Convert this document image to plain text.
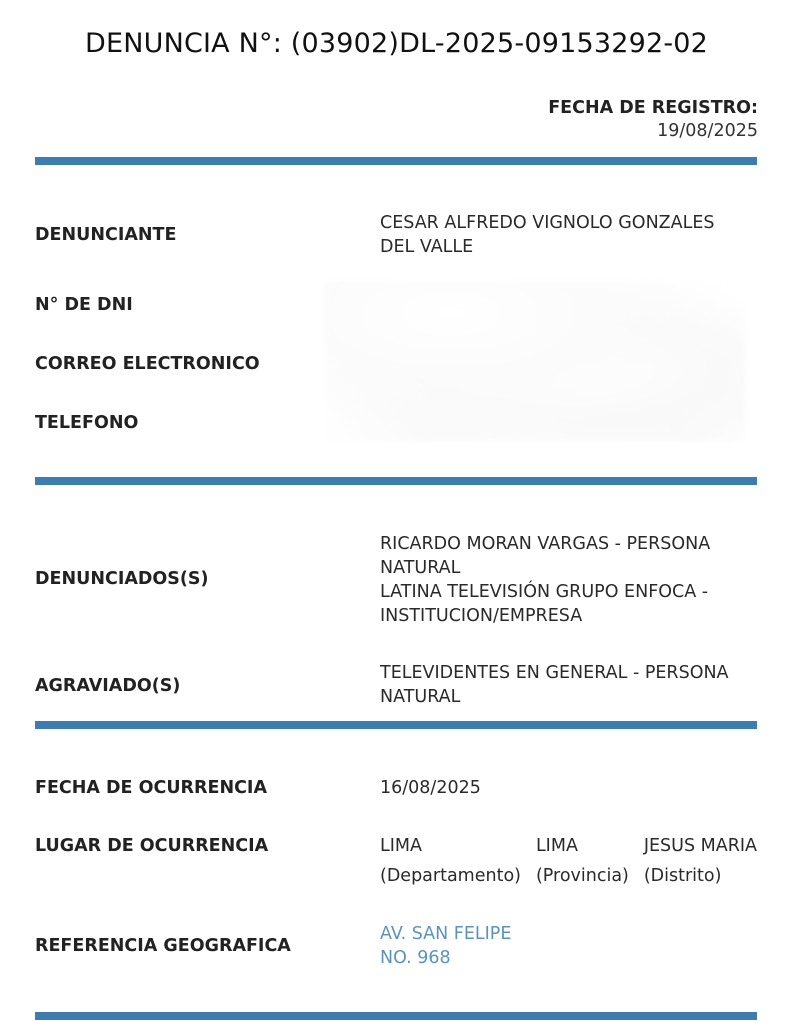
DENUNCIA N°: (03902)DL-2025-09153292-02
FECHA DE REGISTRO:
19/08/2025
DENUNCIANTE
CESAR ALFREDO VIGNOLO GONZALES
DEL VALLE
N° DE DNI
CORREO ELECTRONICO
TELEFONO
DENUNCIADOS(S)
RICARDO MORAN VARGAS - PERSONA
NATURAL
LATINA TELEVISIÓN GRUPO ENFOCA -
INSTITUCION/EMPRESA
AGRAVIADO(S)
TELEVIDENTES EN GENERAL - PERSONA
NATURAL
FECHA DE OCURRENCIA	16/08/2025
LUGAR DE OCURRENCIA	LIMA
(Departamento)
LIMA
(Provincia)
JESUS MARIA
(Distrito)
REFERENCIA GEOGRAFICA
AV. SAN FELIPE
NO. 968
